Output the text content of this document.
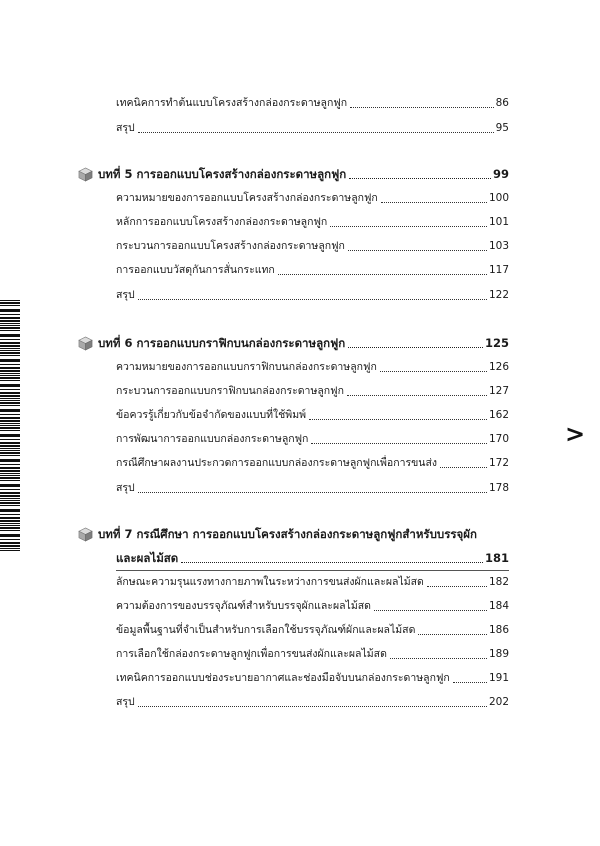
>
เทคนิคการทำต้นแบบโครงสร้างกล่องกระดาษลูกฟูก	86
สรุป	95
บทที่ 5 การออกแบบโครงสร้างกล่องกระดาษลูกฟูก	99
ความหมายของการออกแบบโครงสร้างกล่องกระดาษลูกฟูก	100
หลักการออกแบบโครงสร้างกล่องกระดาษลูกฟูก	101
กระบวนการออกแบบโครงสร้างกล่องกระดาษลูกฟูก	103
การออกแบบวัสดุกันการสั่นกระแทก	117
สรุป	122
บทที่ 6 การออกแบบกราฟิกบนกล่องกระดาษลูกฟูก	125
ความหมายของการออกแบบกราฟิกบนกล่องกระดาษลูกฟูก	126
กระบวนการออกแบบกราฟิกบนกล่องกระดาษลูกฟูก	127
ข้อควรรู้เกี่ยวกับข้อจำกัดของแบบที่ใช้พิมพ์	162
การพัฒนาการออกแบบกล่องกระดาษลูกฟูก	170
กรณีศึกษาผลงานประกวดการออกแบบกล่องกระดาษลูกฟูกเพื่อการขนส่ง	172
สรุป	178
บทที่ 7 กรณีศึกษา การออกแบบโครงสร้างกล่องกระดาษลูกฟูกสำหรับบรรจุผัก
และผลไม้สด	181
ลักษณะความรุนแรงทางกายภาพในระหว่างการขนส่งผักและผลไม้สด	182
ความต้องการของบรรจุภัณฑ์สำหรับบรรจุผักและผลไม้สด	184
ข้อมูลพื้นฐานที่จำเป็นสำหรับการเลือกใช้บรรจุภัณฑ์ผักและผลไม้สด	186
การเลือกใช้กล่องกระดาษลูกฟูกเพื่อการขนส่งผักและผลไม้สด	189
เทคนิคการออกแบบช่องระบายอากาศและช่องมือจับบนกล่องกระดาษลูกฟูก	191
สรุป	202
